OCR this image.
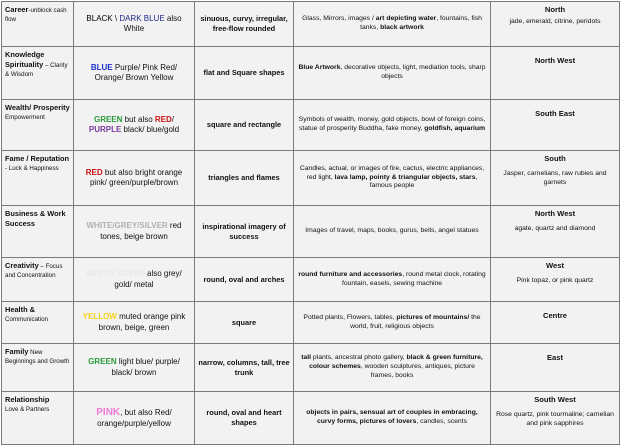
Career-unblock cash flow	BLACK \ DARK BLUE also White	sinuous, curvy, irregular, free-flow rounded	Glass, Mirrors, images / art depicting water, fountains, fish tanks, black artwork	North
jade, emerald, citrine, peridots

Knowledge Spirituality – Clarity & Wisdom	BLUE Purple/ Pink Red/ Orange/ Brown Yellow	flat and Square shapes	Blue Artwork, decorative objects, light, mediation tools, sharp objects	North West

Wealth/ Prosperity
Empowerment	GREEN but also RED/ PURPLE black/ blue/gold	square and rectangle	Symbols of wealth, money, gold objects, bowl of foreign coins, statue of prosperity Buddha, fake money, goldfish, aquarium	South East

Fame / Reputation - Luck & Happiness	RED but also bright orange pink/ green/purple/brown	triangles and flames	Candles, actual, or images of fire, cactus, electric appliances, red light, lava lamp, pointy & triangular objects, stars, famous people	South
Jasper, carnelians, raw rubies and garnets

Business & Work Success	WHITE/GREY/SILVER red tones, beige brown	inspirational imagery of success	Images of travel, maps, books, gurus, bells, angel statues	North West
agate, quartz and diamond

Creativity – Focus and Concentration	WHITE/ SILVER also grey/ gold/ metal	round, oval and arches	round furniture and accessories, round metal clock, rotating fountain, easels, sewing machine	West
Pink topaz, or pink quartz

Health &
Communication	YELLOW muted orange pink brown, beige, green	square	Potted plants, Flowers, tables, pictures of mountains/ the world, fruit, religious objects	Centre

Family New Beginnings and Growth	GREEN light blue/ purple/ black/ brown	narrow, columns, tall, tree trunk	tall plants, ancestral photo gallery, black & green furniture, colour schemes, wooden sculptures, antiques, picture frames, books	East

Relationship
Love & Partners	PINK, but also Red/ orange/purple/yellow	round, oval and heart shapes	objects in pairs, sensual art of couples in embracing, curvy forms, pictures of lovers, candles, scents	South West
Rose quartz, pink tourmaline; carnelian and pink sapphires
